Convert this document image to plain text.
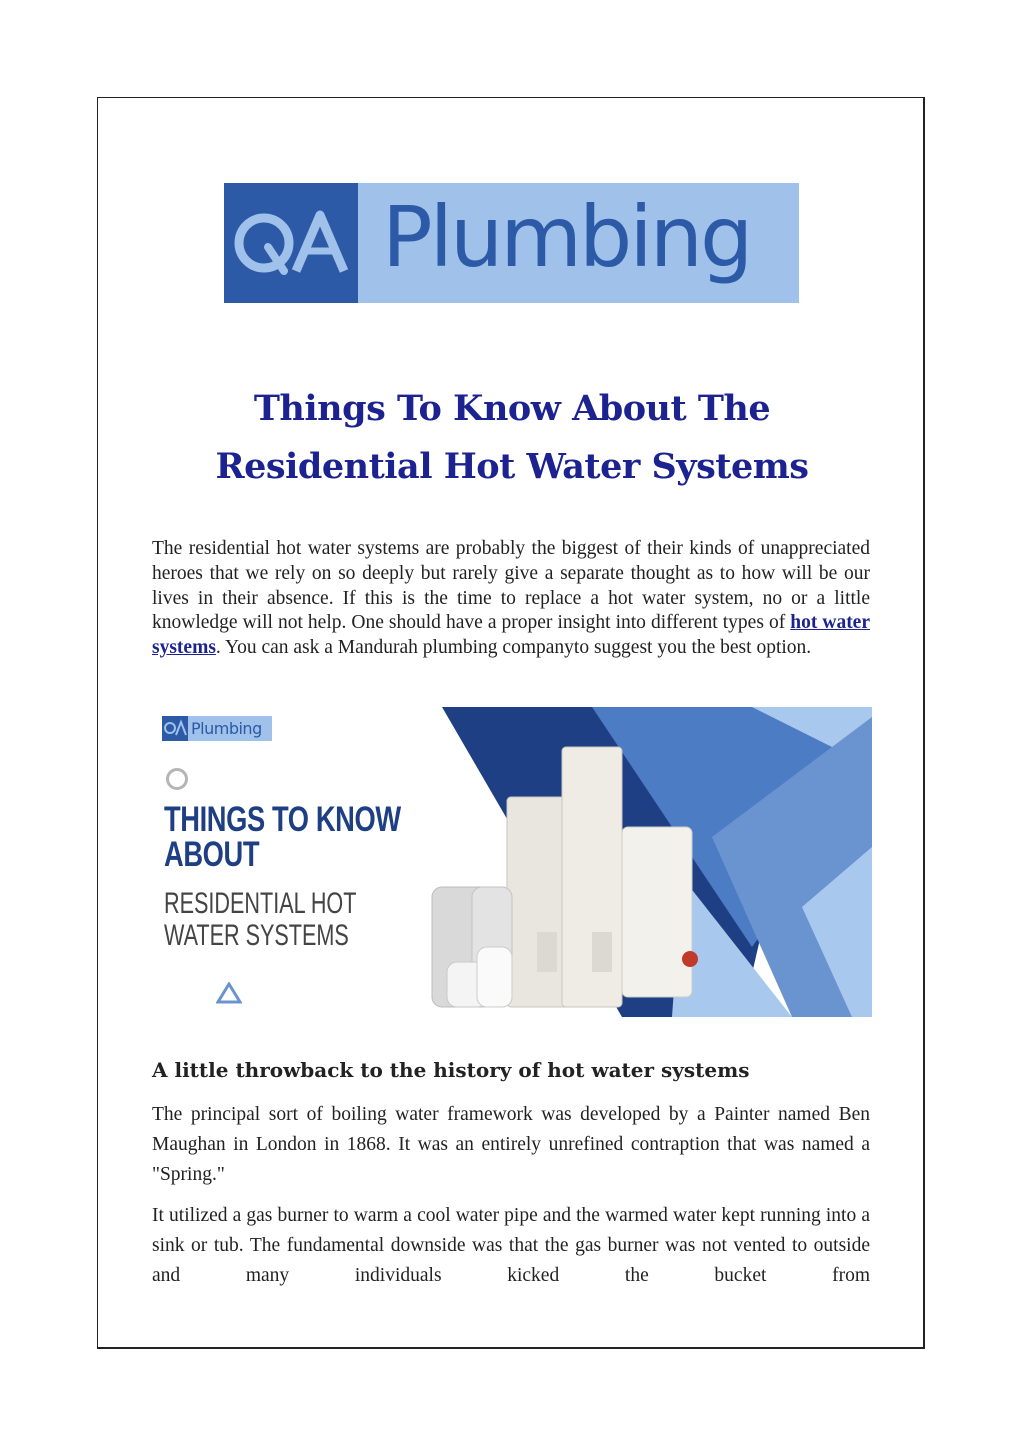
Plumbing
Things To Know About The
Residential Hot Water Systems

The residential hot water systems are probably the biggest of their kinds of unappreciated heroes that we rely on so deeply but rarely give a separate thought as to how will be our lives in their absence. If this is the time to replace a hot water system, no or a little knowledge will not help. One should have a proper insight into different types of hot water systems. You can ask a Mandurah plumbing companyto suggest you the best option.

Plumbing
THINGS TO KNOW
ABOUT
RESIDENTIAL HOT
WATER SYSTEMS
A little throwback to the history of hot water systems

The principal sort of boiling water framework was developed by a Painter named Ben Maughan in London in 1868. It was an entirely unrefined contraption that was named a "Spring."

It utilized a gas burner to warm a cool water pipe and the warmed water kept running into a sink or tub. The fundamental downside was that the gas burner was not vented to outside and many individuals kicked the bucket from
